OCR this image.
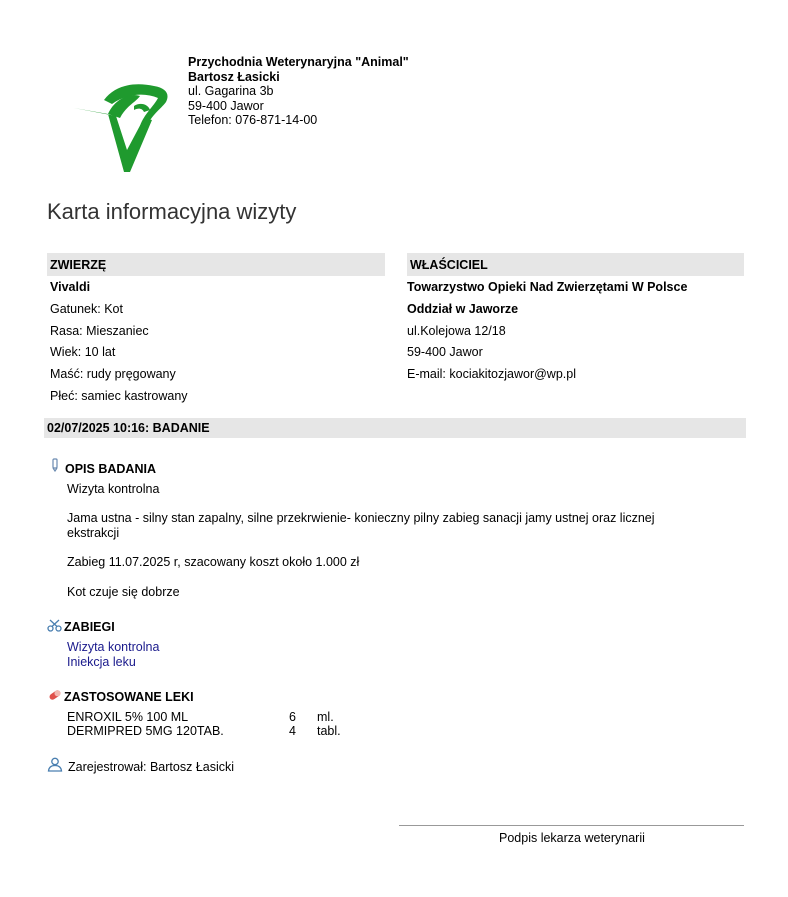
Przychodnia Weterynaryjna "Animal"
Bartosz Łasicki
ul. Gagarina 3b
59-400 Jawor
Telefon: 076-871-14-00
Karta informacyjna wizyty
ZWIERZĘ
Vivaldi
Gatunek: Kot
Rasa: Mieszaniec
Wiek: 10 lat
Maść: rudy pręgowany
Płeć: samiec kastrowany
WŁAŚCICIEL
Towarzystwo Opieki Nad Zwierzętami W Polsce
Oddział w Jaworze
ul.Kolejowa 12/18
59-400 Jawor
E-mail: kociakitozjawor@wp.pl
02/07/2025 10:16: BADANIE
OPIS BADANIA
Wizyta kontrolna
Jama ustna - silny stan zapalny, silne przekrwienie- konieczny pilny zabieg sanacji jamy ustnej oraz licznej
ekstrakcji
Zabieg 11.07.2025 r, szacowany koszt około 1.000 zł
Kot czuje się dobrze
ZABIEGI
Wizyta kontrolna
Iniekcja leku
ZASTOSOWANE LEKI
ENROXIL 5% 100 ML	6 ml.
DERMIPRED 5MG 120TAB.	4 tabl.
Zarejestrował: Bartosz Łasicki
Podpis lekarza weterynarii
